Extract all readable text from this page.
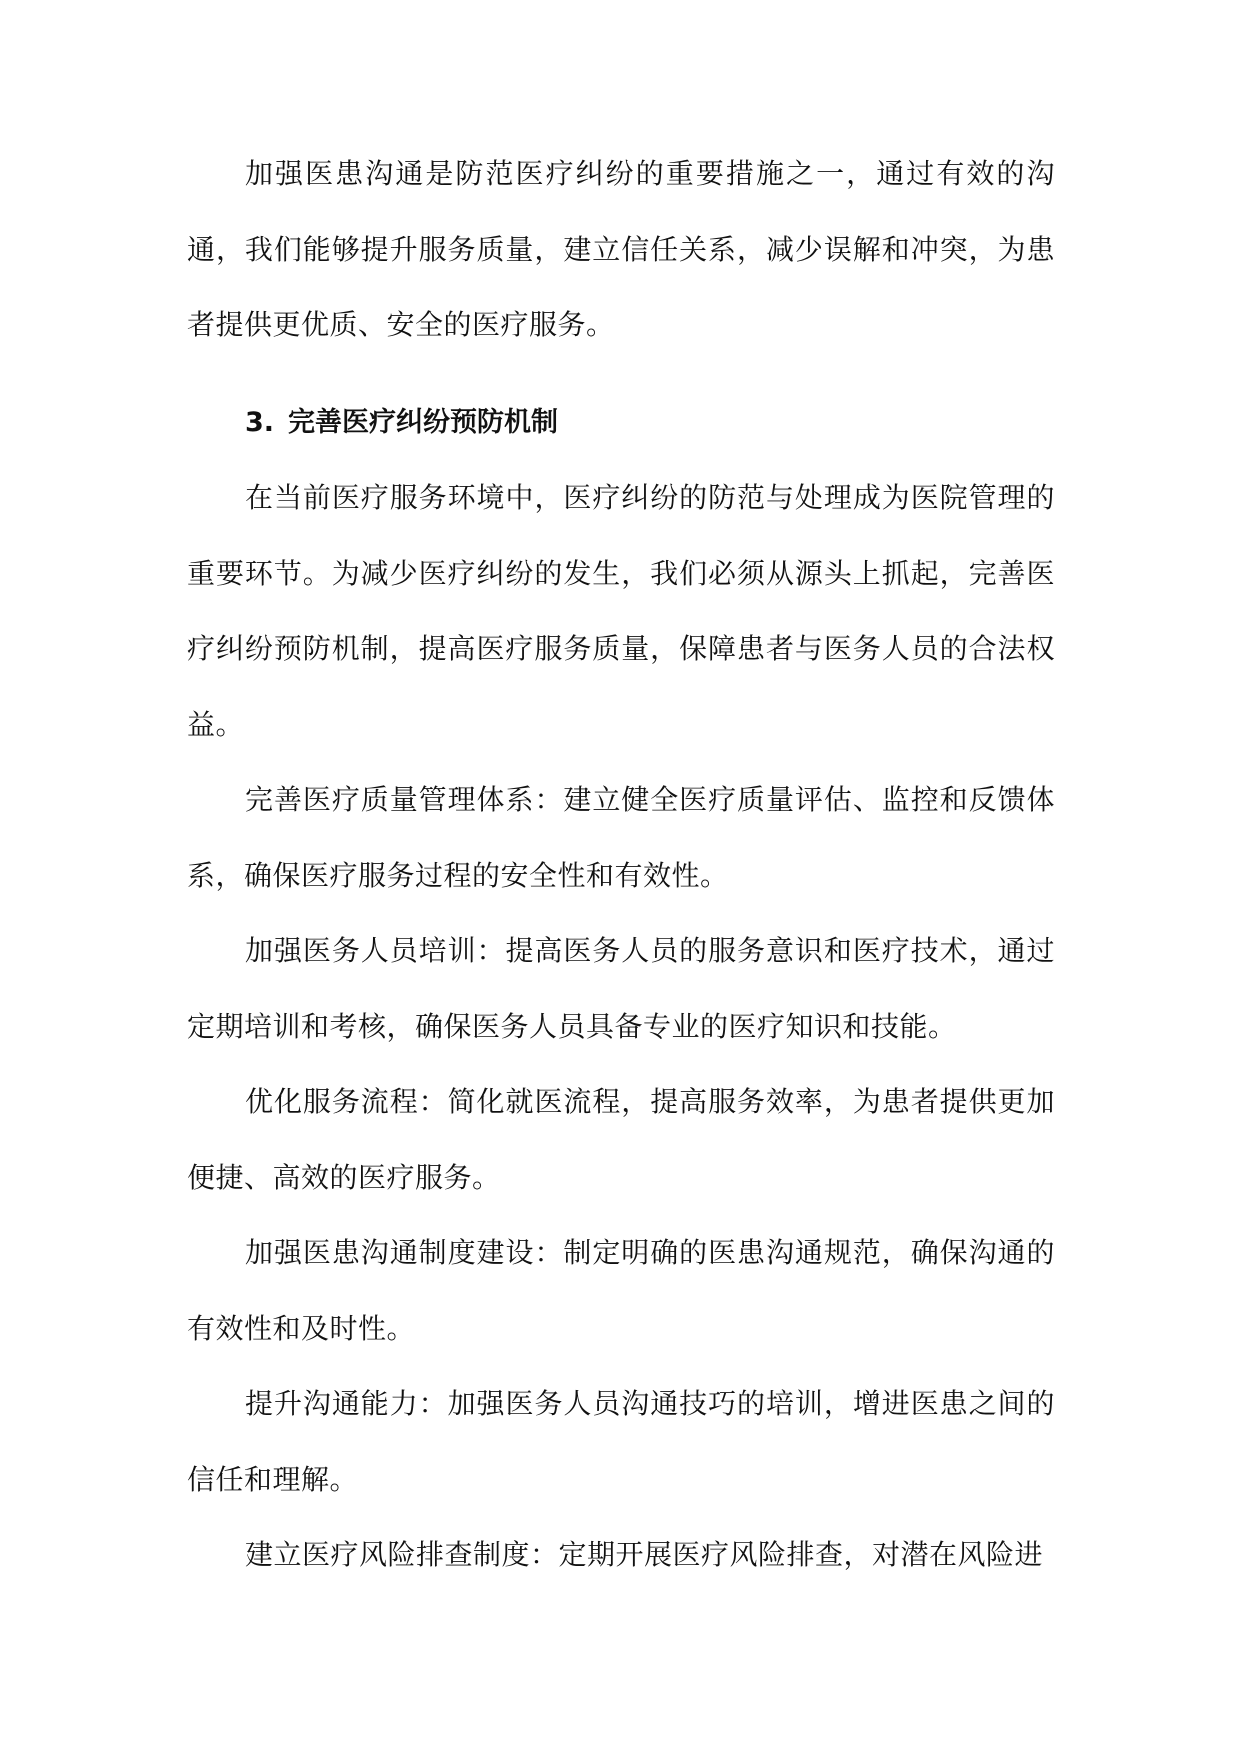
加强医患沟通是防范医疗纠纷的重要措施之一，通过有效的沟通，我们能够提升服务质量，建立信任关系，减少误解和冲突，为患者提供更优质、安全的医疗服务。

3. 完善医疗纠纷预防机制

在当前医疗服务环境中，医疗纠纷的防范与处理成为医院管理的重要环节。为减少医疗纠纷的发生，我们必须从源头上抓起，完善医疗纠纷预防机制，提高医疗服务质量，保障患者与医务人员的合法权益。

完善医疗质量管理体系：建立健全医疗质量评估、监控和反馈体系，确保医疗服务过程的安全性和有效性。

加强医务人员培训：提高医务人员的服务意识和医疗技术，通过定期培训和考核，确保医务人员具备专业的医疗知识和技能。

优化服务流程：简化就医流程，提高服务效率，为患者提供更加便捷、高效的医疗服务。

加强医患沟通制度建设：制定明确的医患沟通规范，确保沟通的有效性和及时性。

提升沟通能力：加强医务人员沟通技巧的培训，增进医患之间的信任和理解。

建立医疗风险排查制度：定期开展医疗风险排查，对潜在风险进
